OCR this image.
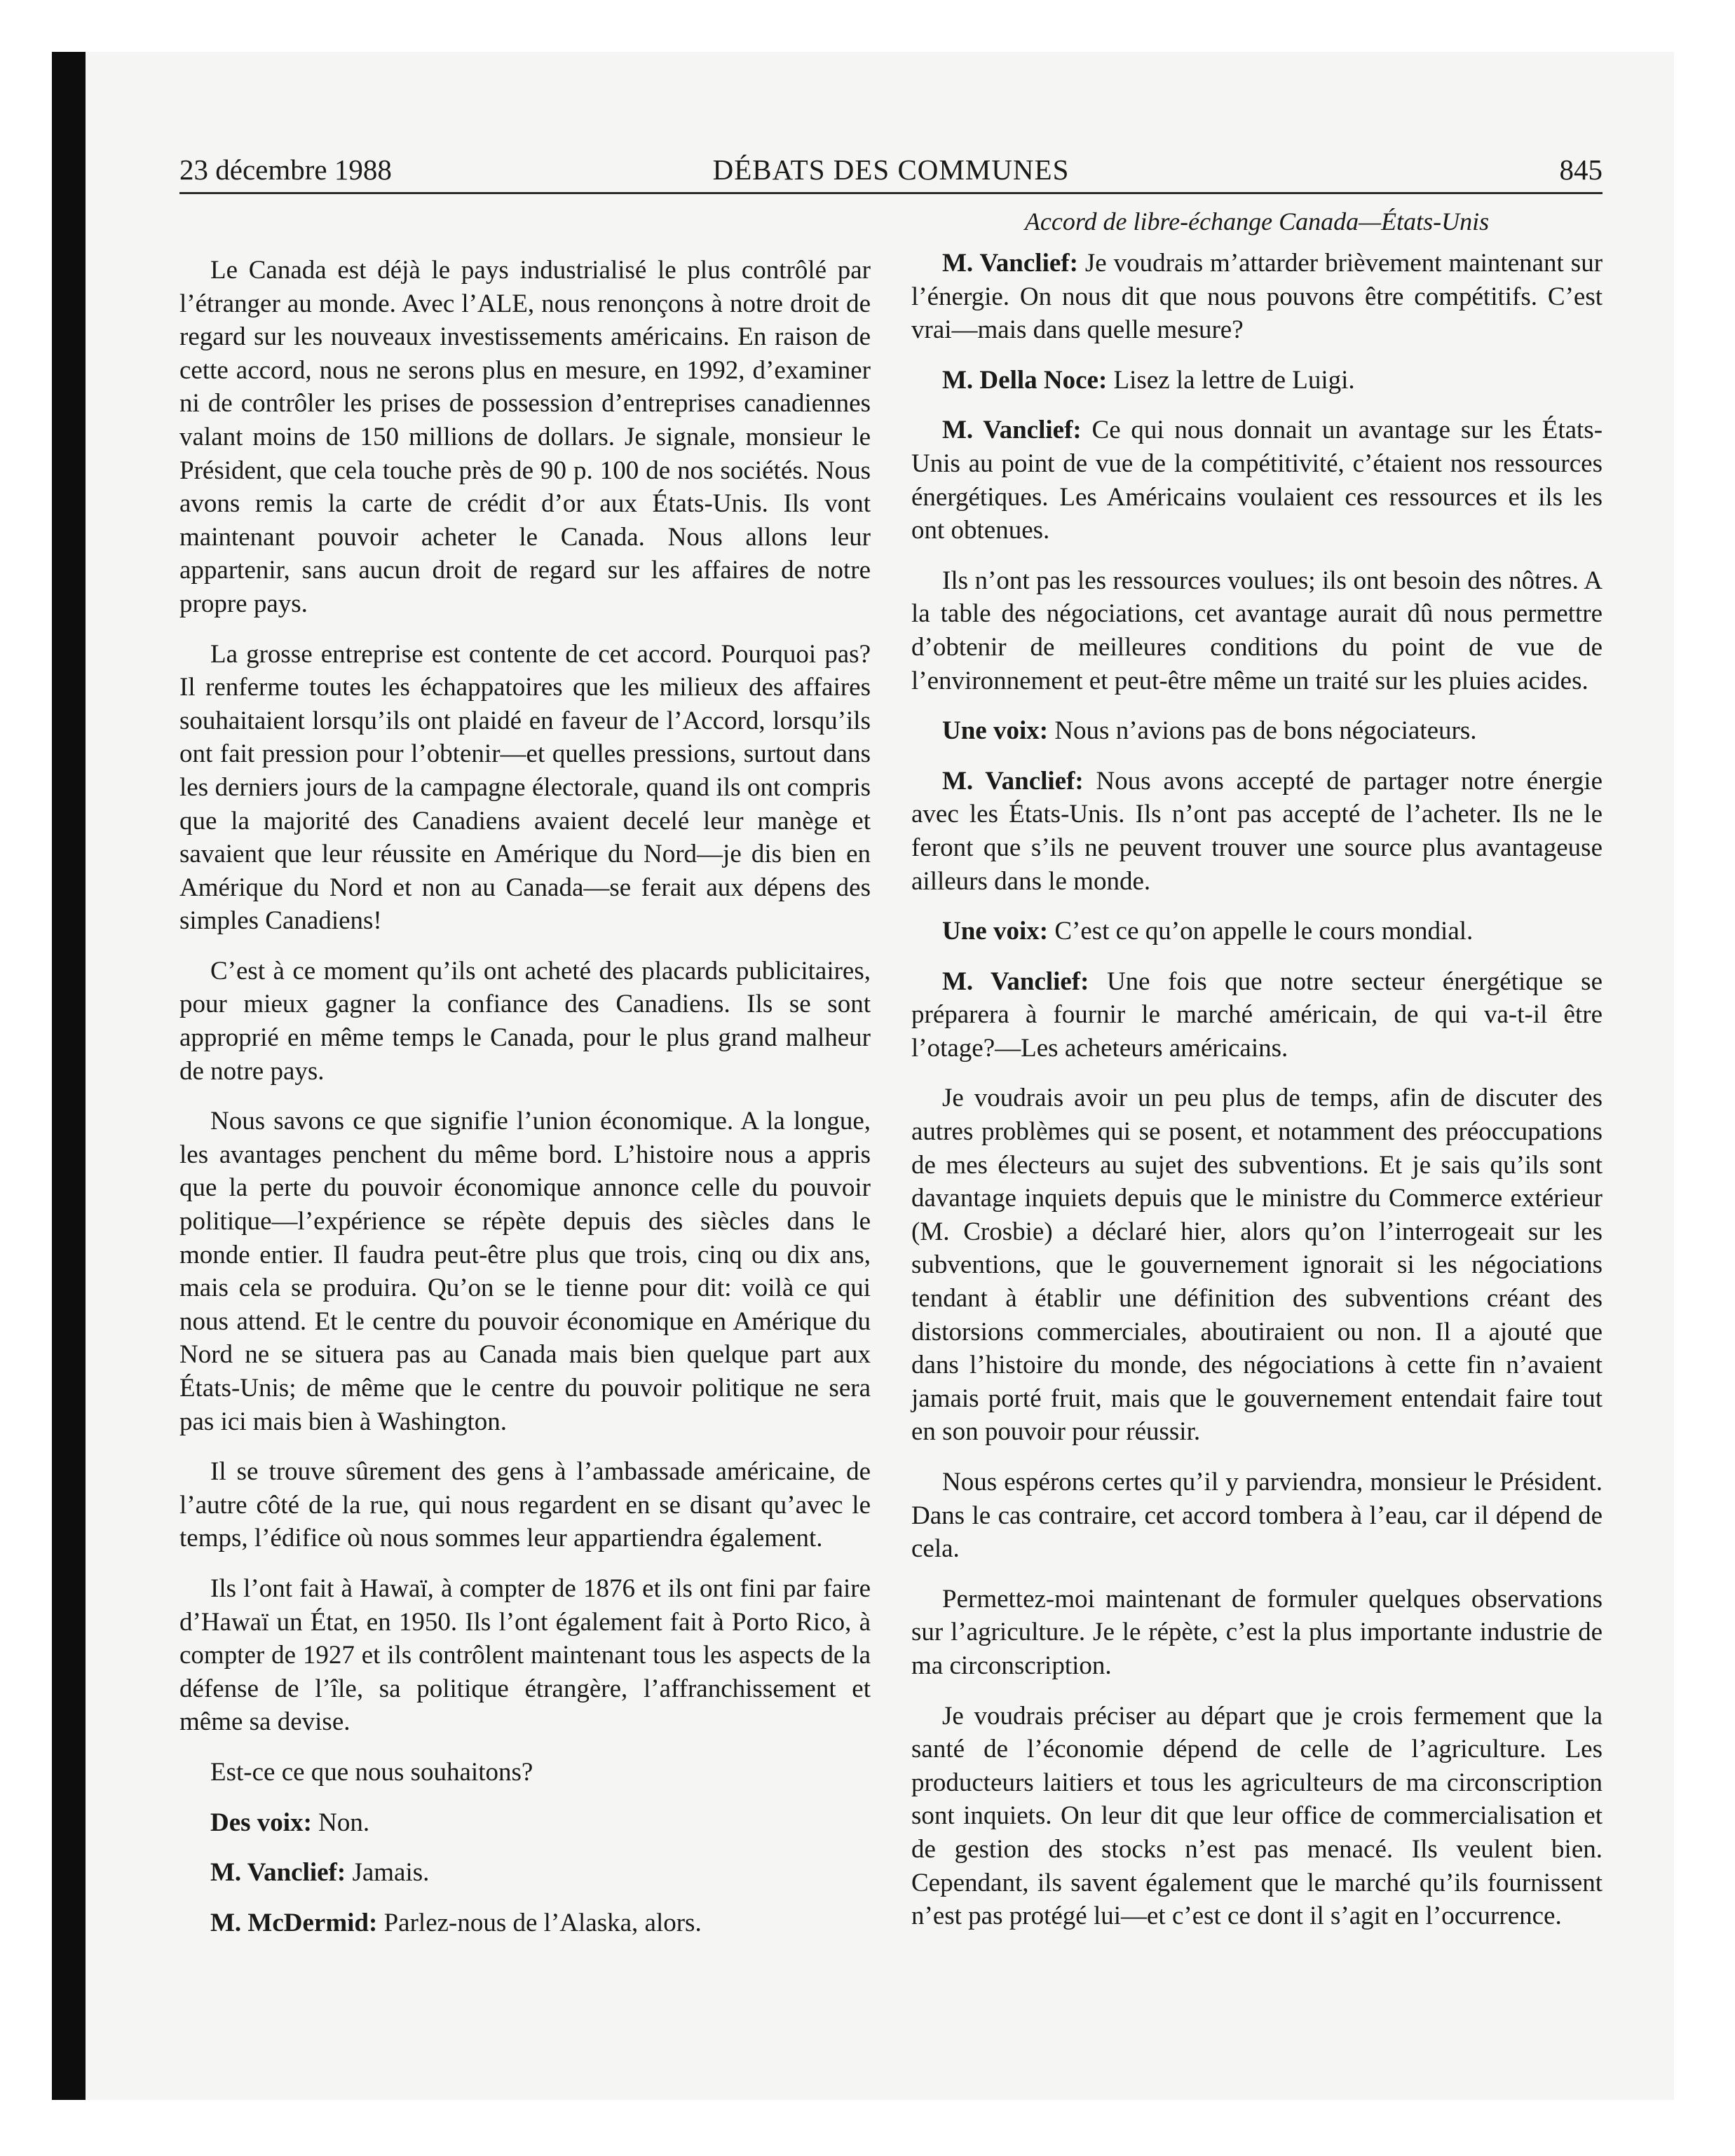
23 décembre 1988	DÉBATS DES COMMUNES	845
Accord de libre-échange Canada—États-Unis

Le Canada est déjà le pays industrialisé le plus contrôlé par l’étranger au monde. Avec l’ALE, nous renonçons à notre droit de regard sur les nouveaux investissements américains. En raison de cette accord, nous ne serons plus en mesure, en 1992, d’examiner ni de contrôler les prises de possession d’entreprises canadiennes valant moins de 150 millions de dollars. Je signale, monsieur le Président, que cela touche près de 90 p. 100 de nos sociétés. Nous avons remis la carte de crédit d’or aux États-Unis. Ils vont maintenant pouvoir acheter le Canada. Nous allons leur appartenir, sans aucun droit de regard sur les affaires de notre propre pays.

La grosse entreprise est contente de cet accord. Pourquoi pas? Il renferme toutes les échappatoires que les milieux des affaires souhaitaient lorsqu’ils ont plaidé en faveur de l’Accord, lorsqu’ils ont fait pression pour l’obtenir—et quelles pressions, surtout dans les derniers jours de la campagne électorale, quand ils ont compris que la majorité des Canadiens avaient decelé leur manège et savaient que leur réussite en Amérique du Nord—je dis bien en Amérique du Nord et non au Canada—se ferait aux dépens des simples Canadiens!

C’est à ce moment qu’ils ont acheté des placards publicitaires, pour mieux gagner la confiance des Canadiens. Ils se sont approprié en même temps le Canada, pour le plus grand malheur de notre pays.

Nous savons ce que signifie l’union économique. A la longue, les avantages penchent du même bord. L’histoire nous a appris que la perte du pouvoir économique annonce celle du pouvoir politique—l’expérience se répète depuis des siècles dans le monde entier. Il faudra peut-être plus que trois, cinq ou dix ans, mais cela se produira. Qu’on se le tienne pour dit: voilà ce qui nous attend. Et le centre du pouvoir économique en Amérique du Nord ne se situera pas au Canada mais bien quelque part aux États-Unis; de même que le centre du pouvoir politique ne sera pas ici mais bien à Washington.

Il se trouve sûrement des gens à l’ambassade américaine, de l’autre côté de la rue, qui nous regardent en se disant qu’avec le temps, l’édifice où nous sommes leur appartiendra également.

Ils l’ont fait à Hawaï, à compter de 1876 et ils ont fini par faire d’Hawaï un État, en 1950. Ils l’ont également fait à Porto Rico, à compter de 1927 et ils contrôlent maintenant tous les aspects de la défense de l’île, sa politique étrangère, l’affranchissement et même sa devise.

Est-ce ce que nous souhaitons?

Des voix: Non.

M. Vanclief: Jamais.

M. McDermid: Parlez-nous de l’Alaska, alors.

M. Vanclief: Je voudrais m’attarder brièvement maintenant sur l’énergie. On nous dit que nous pouvons être compétitifs. C’est vrai—mais dans quelle mesure?

M. Della Noce: Lisez la lettre de Luigi.

M. Vanclief: Ce qui nous donnait un avantage sur les États-Unis au point de vue de la compétitivité, c’étaient nos ressources énergétiques. Les Américains voulaient ces ressources et ils les ont obtenues.

Ils n’ont pas les ressources voulues; ils ont besoin des nôtres. A la table des négociations, cet avantage aurait dû nous permettre d’obtenir de meilleures conditions du point de vue de l’environnement et peut-être même un traité sur les pluies acides.

Une voix: Nous n’avions pas de bons négociateurs.

M. Vanclief: Nous avons accepté de partager notre énergie avec les États-Unis. Ils n’ont pas accepté de l’acheter. Ils ne le feront que s’ils ne peuvent trouver une source plus avantageuse ailleurs dans le monde.

Une voix: C’est ce qu’on appelle le cours mondial.

M. Vanclief: Une fois que notre secteur énergétique se préparera à fournir le marché américain, de qui va-t-il être l’otage?—Les acheteurs américains.

Je voudrais avoir un peu plus de temps, afin de discuter des autres problèmes qui se posent, et notamment des préoccupations de mes électeurs au sujet des subventions. Et je sais qu’ils sont davantage inquiets depuis que le ministre du Commerce extérieur (M. Crosbie) a déclaré hier, alors qu’on l’interrogeait sur les subventions, que le gouvernement ignorait si les négociations tendant à établir une définition des subventions créant des distorsions commerciales, aboutiraient ou non. Il a ajouté que dans l’histoire du monde, des négociations à cette fin n’avaient jamais porté fruit, mais que le gouvernement entendait faire tout en son pouvoir pour réussir.

Nous espérons certes qu’il y parviendra, monsieur le Président. Dans le cas contraire, cet accord tombera à l’eau, car il dépend de cela.

Permettez-moi maintenant de formuler quelques observations sur l’agriculture. Je le répète, c’est la plus importante industrie de ma circonscription.

Je voudrais préciser au départ que je crois fermement que la santé de l’économie dépend de celle de l’agriculture. Les producteurs laitiers et tous les agriculteurs de ma circonscription sont inquiets. On leur dit que leur office de commercialisation et de gestion des stocks n’est pas menacé. Ils veulent bien. Cependant, ils savent également que le marché qu’ils fournissent n’est pas protégé lui—et c’est ce dont il s’agit en l’occurrence.
